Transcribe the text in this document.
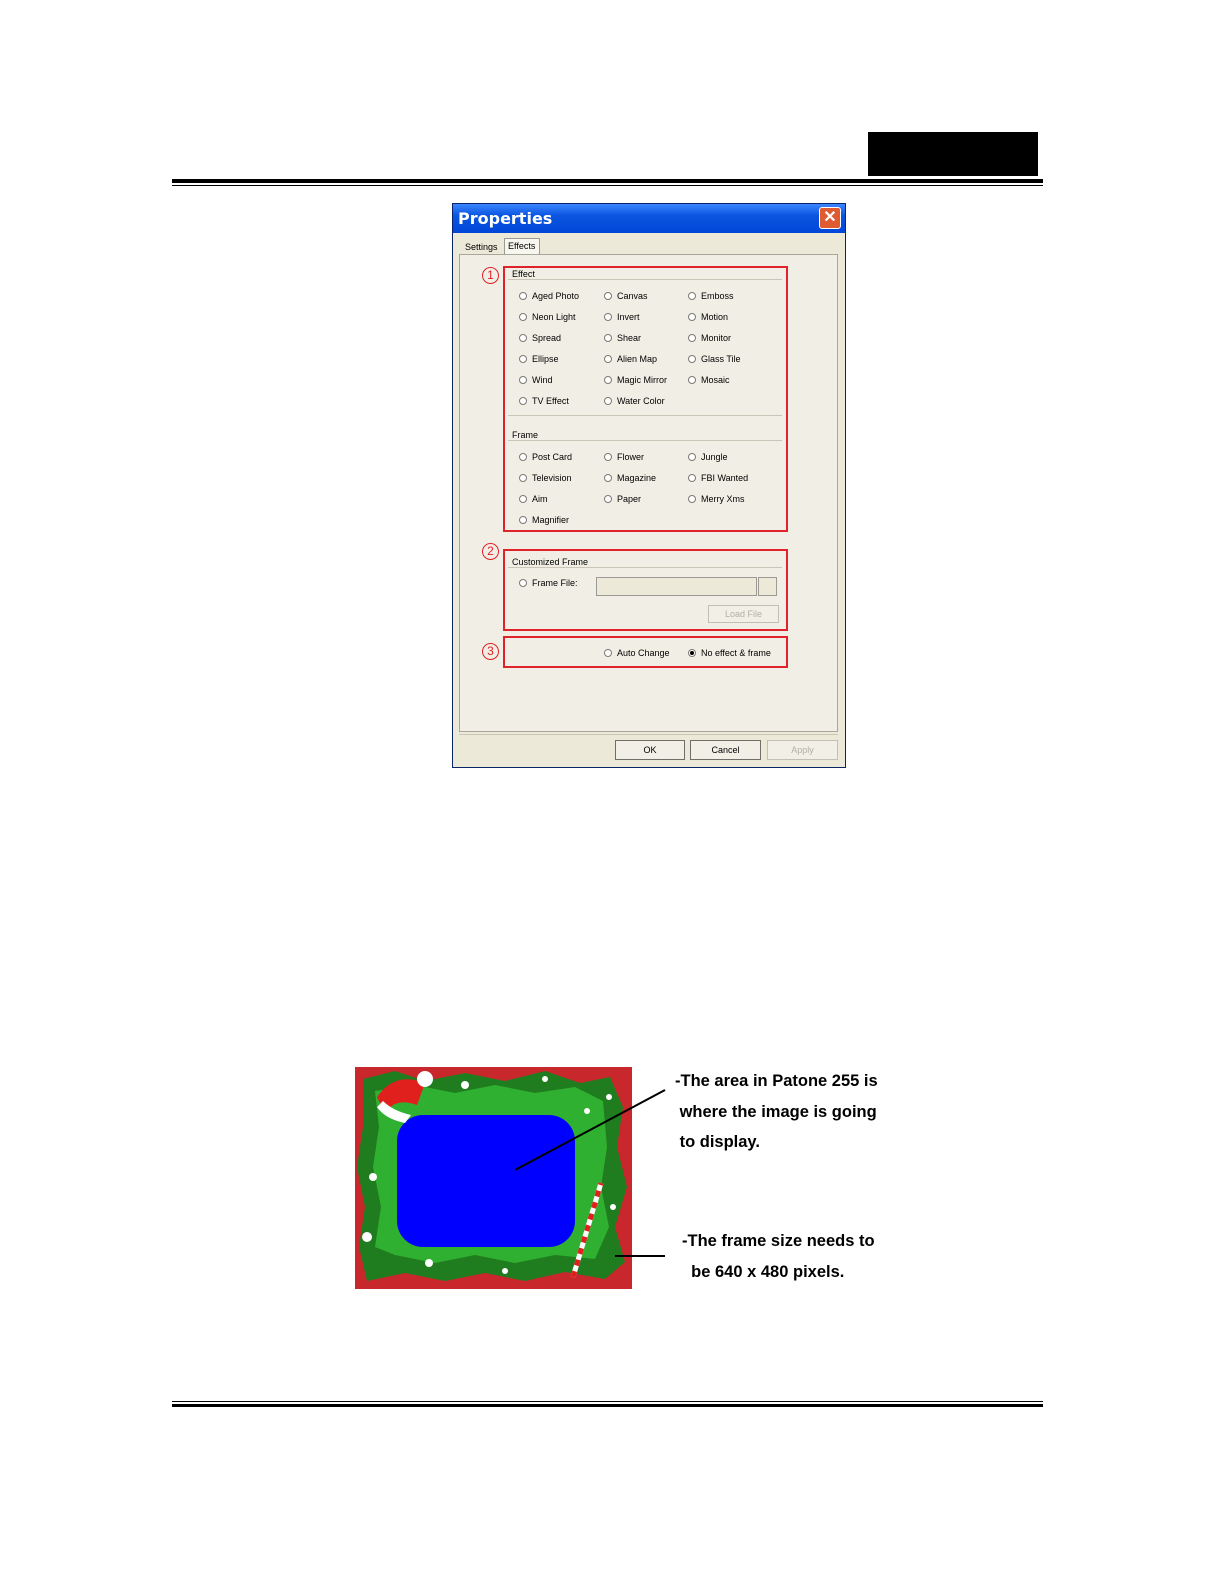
Properties	✕
Settings	Effects
1	Effect
Aged Photo	Canvas	Emboss
Neon Light	Invert	Motion
Spread	Shear	Monitor
Ellipse	Alien Map	Glass Tile
Wind	Magic Mirror	Mosaic
TV Effect	Water Color
Frame
Post Card	Flower	Jungle
Television	Magazine	FBI Wanted
Aim	Paper	Merry Xms
Magnifier
2
Customized Frame
Frame File:
Load File
3	Auto Change	No effect & frame
OK	Cancel	Apply
-The area in Patone 255 is
where the image is going
to display.
-The frame size needs to
be 640 x 480 pixels.
